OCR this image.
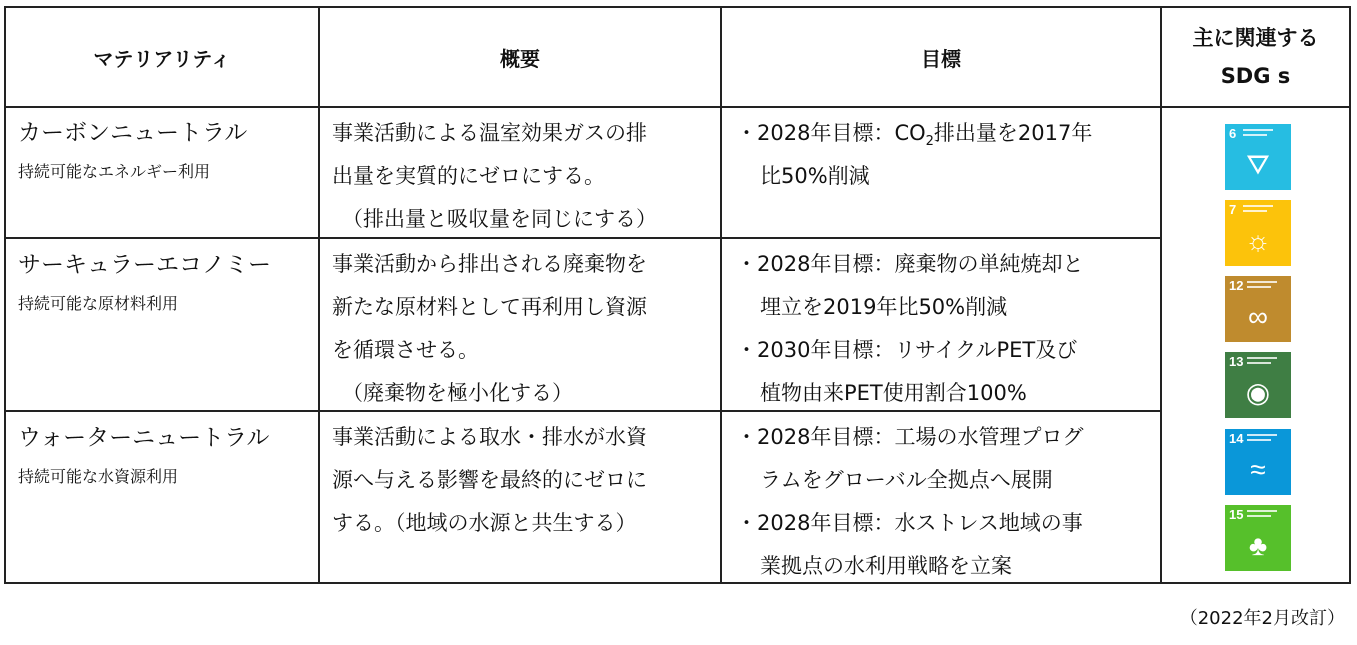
マテリアリティ	概要	目標
主に関連する
SDG s
カーボンニュートラル
持続可能なエネルギー利用

事業活動による温室効果ガスの排

出量を実質的にゼロにする。

（排出量と吸収量を同じにする）

・2028年目標：$CO_2$排出量を2017年

比50%削減

サーキュラーエコノミー
持続可能な原材料利用

事業活動から排出される廃棄物を

新たな原材料として再利用し資源

を循環させる。

（廃棄物を極小化する）

・2028年目標：廃棄物の単純焼却と

埋立を2019年比50%削減

・2030年目標：リサイクルPET及び

植物由来PET使用割合100%

ウォーターニュートラル
持続可能な水資源利用

事業活動による取水・排水が水資

源へ与える影響を最終的にゼロに

する。（地域の水源と共生する）

・2028年目標：工場の水管理プログ

ラムをグローバル全拠点へ展開

・2028年目標：水ストレス地域の事

業拠点の水利用戦略を立案

6
⛛
7
☼
12
∞
13
◉
14
≈
15
♣
（2022年2月改訂）
